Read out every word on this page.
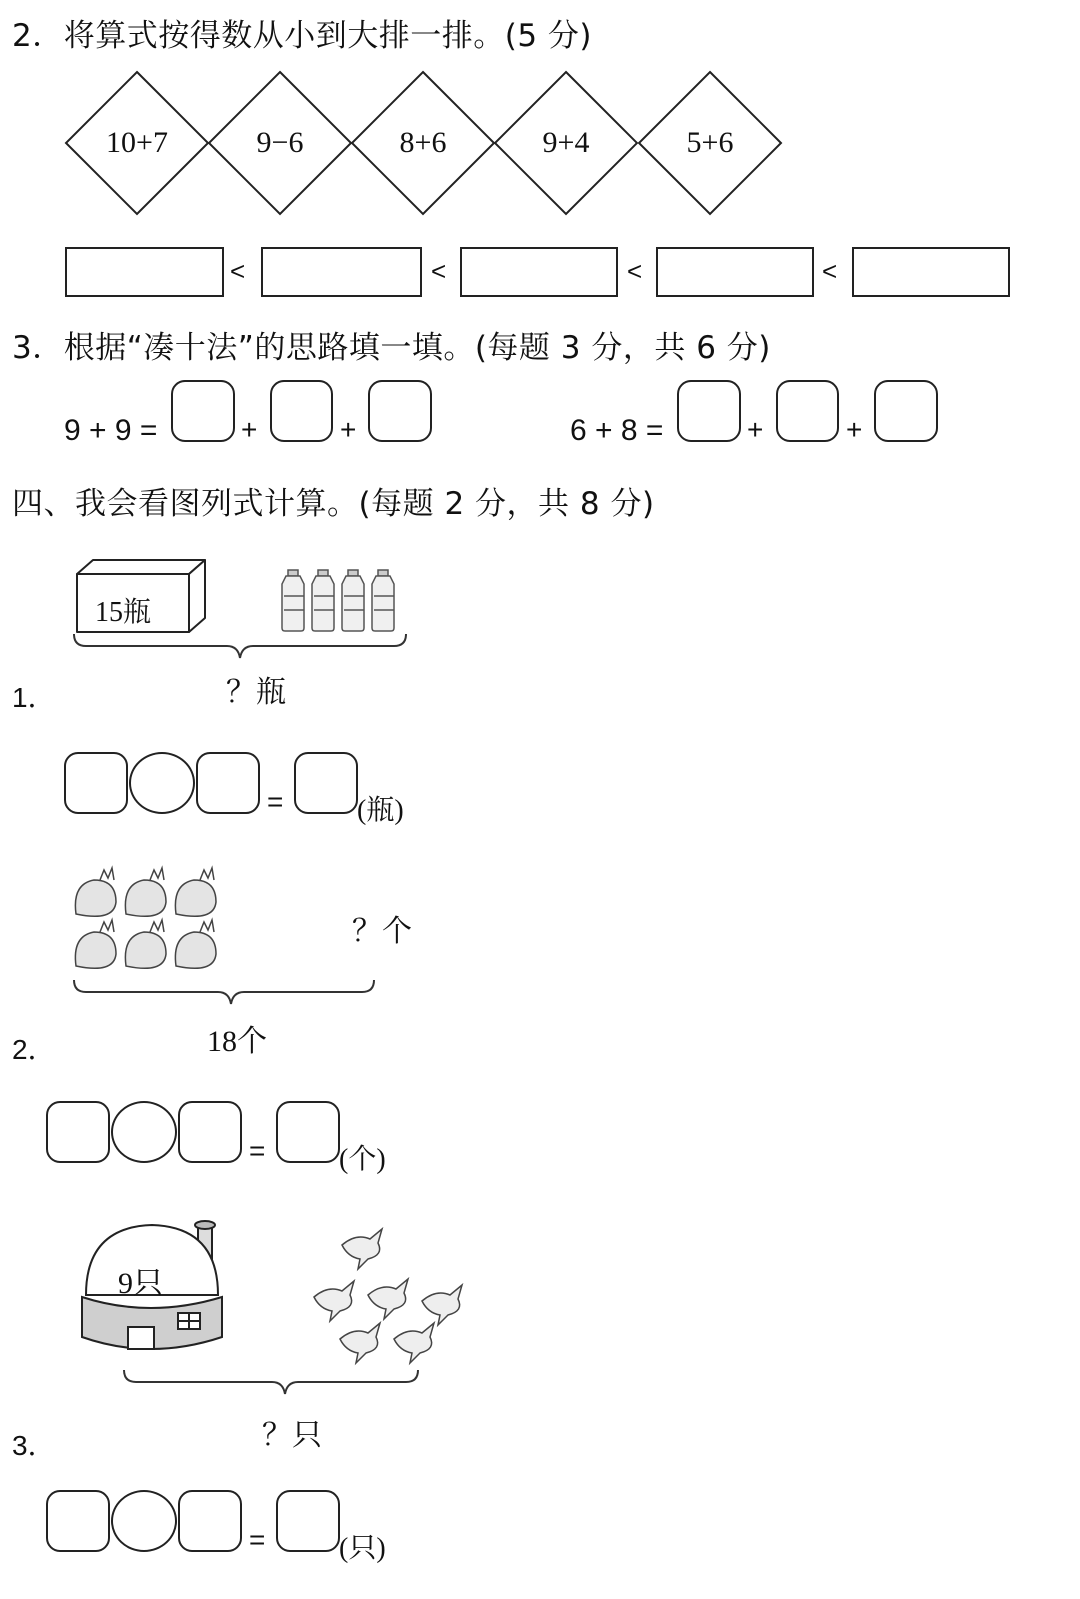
2．将算式按得数从小到大排一排。(5 分)
10+7	9−6	8+6	9+4	5+6
<	<	<	<
3．根据“凑十法”的思路填一填。(每题 3 分，共 6 分)
9 + 9 =	+	+	6 + 8 =	+	+
四、我会看图列式计算。(每题 2 分，共 8 分)
15瓶
？瓶
1．
=	(瓶)
？个
18个
2．
=	(个)
9只
？只
3．
=	(只)
